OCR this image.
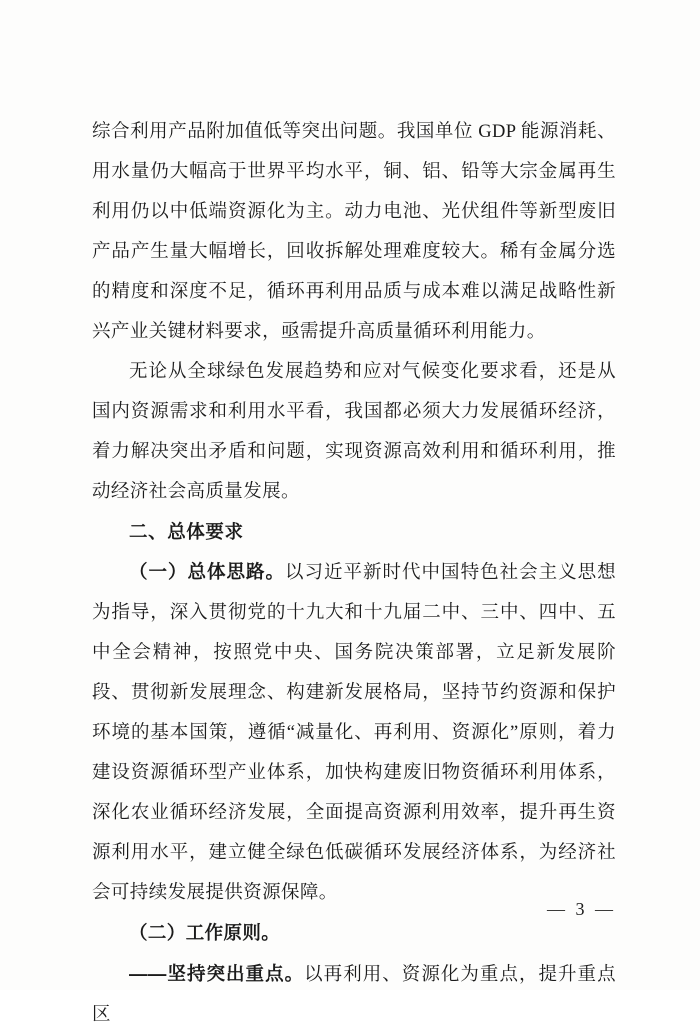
综合利用产品附加值低等突出问题。我国单位 GDP 能源消耗、用水量仍大幅高于世界平均水平，铜、铝、铅等大宗金属再生利用仍以中低端资源化为主。动力电池、光伏组件等新型废旧产品产生量大幅增长，回收拆解处理难度较大。稀有金属分选的精度和深度不足，循环再利用品质与成本难以满足战略性新兴产业关键材料要求，亟需提升高质量循环利用能力。

无论从全球绿色发展趋势和应对气候变化要求看，还是从国内资源需求和利用水平看，我国都必须大力发展循环经济，着力解决突出矛盾和问题，实现资源高效利用和循环利用，推动经济社会高质量发展。

二、总体要求

（一）总体思路。以习近平新时代中国特色社会主义思想为指导，深入贯彻党的十九大和十九届二中、三中、四中、五中全会精神，按照党中央、国务院决策部署，立足新发展阶段、贯彻新发展理念、构建新发展格局，坚持节约资源和保护环境的基本国策，遵循“减量化、再利用、资源化”原则，着力建设资源循环型产业体系，加快构建废旧物资循环利用体系，深化农业循环经济发展，全面提高资源利用效率，提升再生资源利用水平，建立健全绿色低碳循环发展经济体系，为经济社会可持续发展提供资源保障。

（二）工作原则。

——坚持突出重点。以再利用、资源化为重点，提升重点区

— 3 —
